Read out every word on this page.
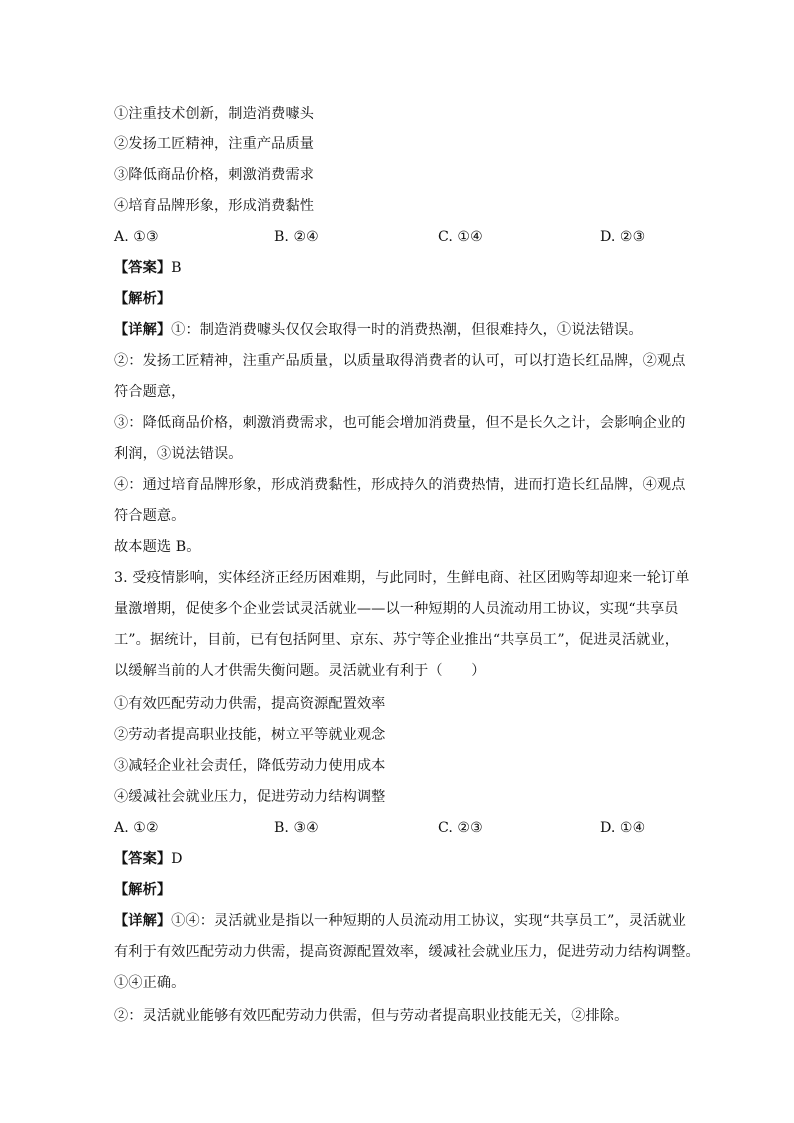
①注重技术创新，制造消费噱头
②发扬工匠精神，注重产品质量
③降低商品价格，刺激消费需求
④培育品牌形象，形成消费黏性
A. ①③	B. ②④	C. ①④	D. ②③
【答案】B
【解析】
【详解】①：制造消费噱头仅仅会取得一时的消费热潮，但很难持久，①说法错误。
②：发扬工匠精神，注重产品质量，以质量取得消费者的认可，可以打造长红品牌，②观点
符合题意，
③：降低商品价格，刺激消费需求，也可能会增加消费量，但不是长久之计，会影响企业的
利润，③说法错误。
④：通过培育品牌形象，形成消费黏性，形成持久的消费热情，进而打造长红品牌，④观点
符合题意。
故本题选 B。
3. 受疫情影响，实体经济正经历困难期，与此同时，生鲜电商、社区团购等却迎来一轮订单
量激增期，促使多个企业尝试灵活就业——以一种短期的人员流动用工协议，实现“共享员
工”。据统计，目前，已有包括阿里、京东、苏宁等企业推出“共享员工”，促进灵活就业，
以缓解当前的人才供需失衡问题。灵活就业有利于（　　）
①有效匹配劳动力供需，提高资源配置效率
②劳动者提高职业技能，树立平等就业观念
③减轻企业社会责任，降低劳动力使用成本
④缓减社会就业压力，促进劳动力结构调整
A. ①②	B. ③④	C. ②③	D. ①④
【答案】D
【解析】
【详解】①④：灵活就业是指以一种短期的人员流动用工协议，实现“共享员工”，灵活就业
有利于有效匹配劳动力供需，提高资源配置效率，缓减社会就业压力，促进劳动力结构调整。
①④正确。
②：灵活就业能够有效匹配劳动力供需，但与劳动者提高职业技能无关，②排除。
